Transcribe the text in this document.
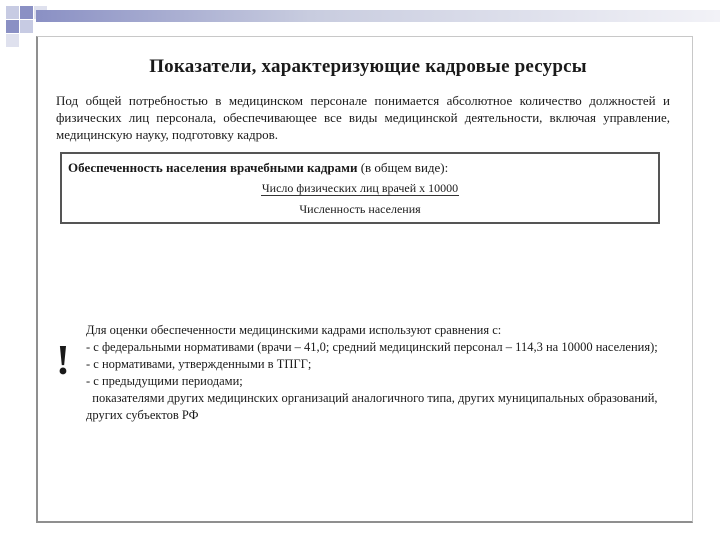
Показатели, характеризующие кадровые ресурсы
Под общей потребностью в медицинском персонале понимается абсолютное количество должностей и физических лиц персонала, обеспечивающее все виды медицинской деятельности, включая управление, медицинскую науку, подготовку кадров.
Обеспеченность населения врачебными кадрами (в общем виде):
Число физических лиц врачей х 10000
Численность населения
!

Для оценки обеспеченности медицинскими кадрами используют сравнения с:

- с федеральными нормативами (врачи – 41,0; средний медицинский персонал – 114,3 на 10000 населения);

- с нормативами, утвержденными в ТПГГ;

- с предыдущими периодами;

показателями других медицинских организаций аналогичного типа, других муниципальных образований, других субъектов РФ
